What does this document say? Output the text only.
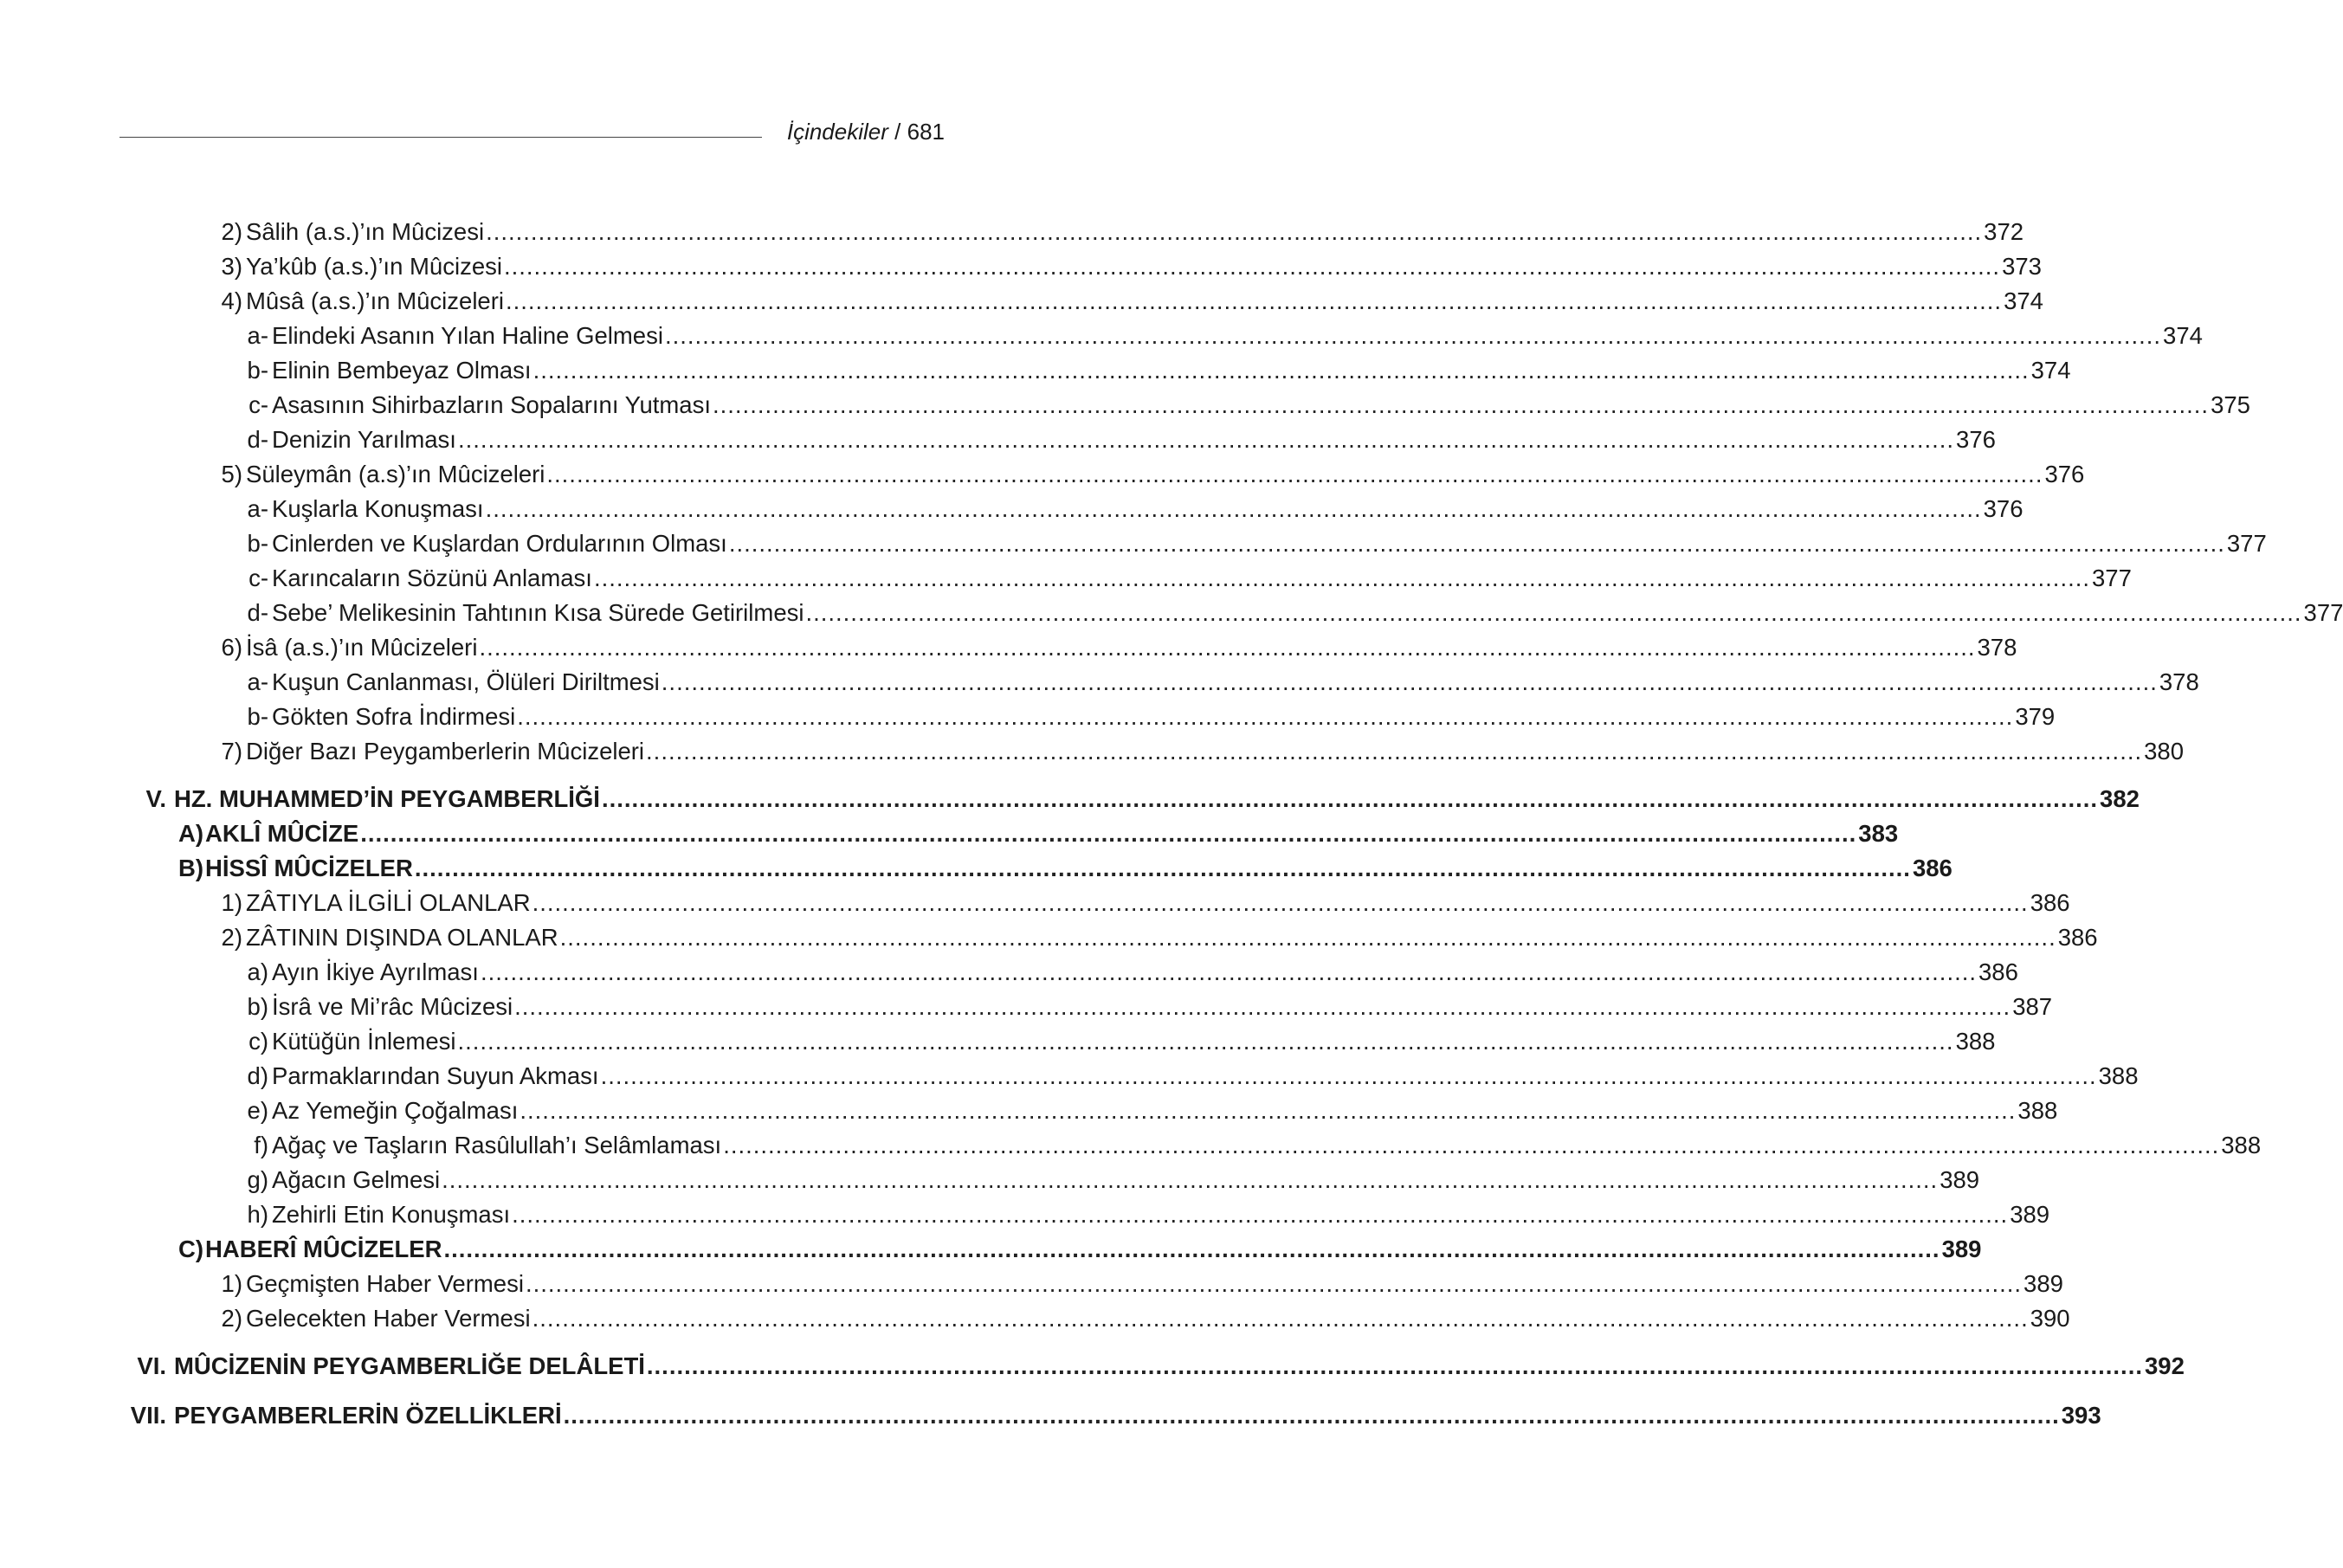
İçindekiler / 681
2) Sâlih (a.s.)’ın Mûcizesi ........................................................................................................................................................................................................ 372
3) Ya’kûb (a.s.)’ın Mûcizesi ........................................................................................................................................................................................................ 373
4) Mûsâ (a.s.)’ın Mûcizeleri ........................................................................................................................................................................................................ 374
a- Elindeki Asanın Yılan Haline Gelmesi ........................................................................................................................................................................................................ 374
b- Elinin Bembeyaz Olması ........................................................................................................................................................................................................ 374
c- Asasının Sihirbazların Sopalarını Yutması ........................................................................................................................................................................................................ 375
d- Denizin Yarılması ........................................................................................................................................................................................................ 376
5) Süleymân (a.s)’ın Mûcizeleri ........................................................................................................................................................................................................ 376
a- Kuşlarla Konuşması ........................................................................................................................................................................................................ 376
b- Cinlerden ve Kuşlardan Ordularının Olması ........................................................................................................................................................................................................ 377
c- Karıncaların Sözünü Anlaması ........................................................................................................................................................................................................ 377
d- Sebe’ Melikesinin Tahtının Kısa Sürede Getirilmesi ........................................................................................................................................................................................................ 377
6) İsâ (a.s.)’ın Mûcizeleri ........................................................................................................................................................................................................ 378
a- Kuşun Canlanması, Ölüleri Diriltmesi ........................................................................................................................................................................................................ 378
b- Gökten Sofra İndirmesi ........................................................................................................................................................................................................ 379
7) Diğer Bazı Peygamberlerin Mûcizeleri ........................................................................................................................................................................................................ 380
V. HZ. MUHAMMED’İN PEYGAMBERLİĞİ ........................................................................................................................................................................................................ 382
A) AKLÎ MÛCİZE ........................................................................................................................................................................................................ 383
B) HİSSÎ MÛCİZELER ........................................................................................................................................................................................................ 386
1) ZÂTIYLA İLGİLİ OLANLAR ........................................................................................................................................................................................................ 386
2) ZÂTININ DIŞINDA OLANLAR ........................................................................................................................................................................................................ 386
a) Ayın İkiye Ayrılması ........................................................................................................................................................................................................ 386
b) İsrâ ve Mi’râc Mûcizesi ........................................................................................................................................................................................................ 387
c) Kütüğün İnlemesi ........................................................................................................................................................................................................ 388
d) Parmaklarından Suyun Akması ........................................................................................................................................................................................................ 388
e) Az Yemeğin Çoğalması ........................................................................................................................................................................................................ 388
f) Ağaç ve Taşların Rasûlullah’ı Selâmlaması ........................................................................................................................................................................................................ 388
g) Ağacın Gelmesi ........................................................................................................................................................................................................ 389
h) Zehirli Etin Konuşması ........................................................................................................................................................................................................ 389
C) HABERÎ MÛCİZELER ........................................................................................................................................................................................................ 389
1) Geçmişten Haber Vermesi ........................................................................................................................................................................................................ 389
2) Gelecekten Haber Vermesi ........................................................................................................................................................................................................ 390
VI. MÛCİZENİN PEYGAMBERLİĞE DELÂLETİ ........................................................................................................................................................................................................ 392
VII. PEYGAMBERLERİN ÖZELLİKLERİ ........................................................................................................................................................................................................ 393
